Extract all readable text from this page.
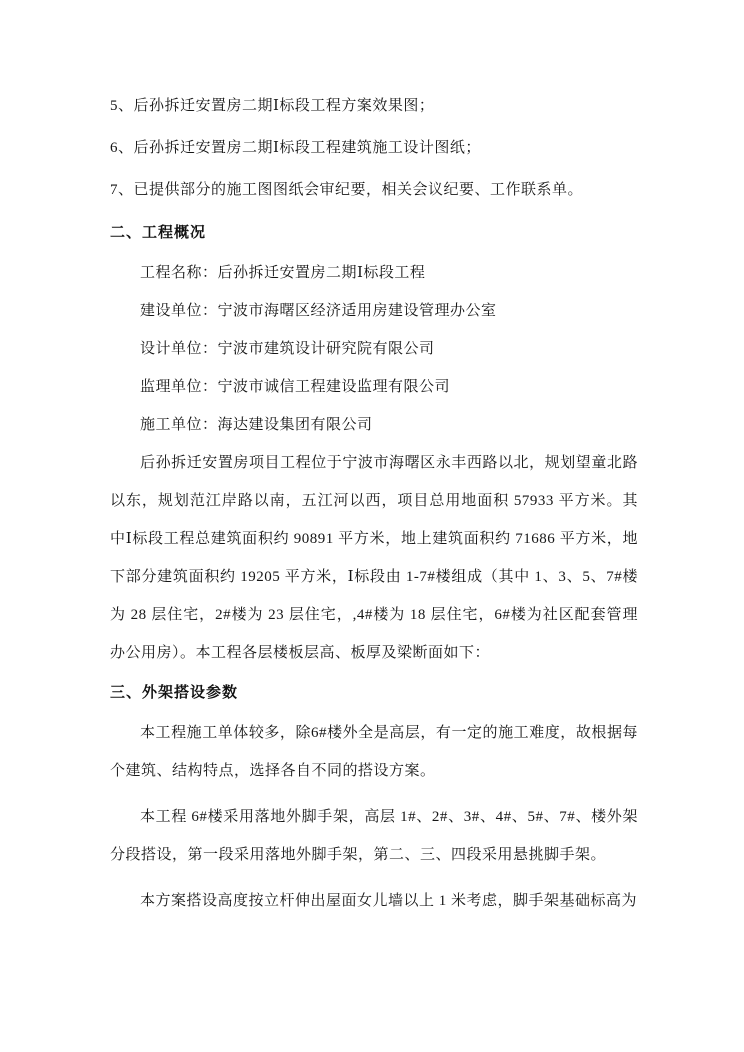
5、后孙拆迁安置房二期Ⅰ标段工程方案效果图；

6、后孙拆迁安置房二期Ⅰ标段工程建筑施工设计图纸；

7、已提供部分的施工图图纸会审纪要，相关会议纪要、工作联系单。

二、工程概况

工程名称：后孙拆迁安置房二期Ⅰ标段工程

建设单位：宁波市海曙区经济适用房建设管理办公室

设计单位：宁波市建筑设计研究院有限公司

监理单位：宁波市诚信工程建设监理有限公司

施工单位：海达建设集团有限公司

后孙拆迁安置房项目工程位于宁波市海曙区永丰西路以北，规划望童北路以东，规划范江岸路以南，五江河以西，项目总用地面积 57933 平方米。其中Ⅰ标段工程总建筑面积约 90891 平方米，地上建筑面积约 71686 平方米，地下部分建筑面积约 19205 平方米，Ⅰ标段由 1-7#楼组成（其中 1、3、5、7#楼为 28 层住宅，2#楼为 23 层住宅，,4#楼为 18 层住宅，6#楼为社区配套管理办公用房）。本工程各层楼板层高、板厚及梁断面如下：

三、外架搭设参数

本工程施工单体较多，除6#楼外全是高层，有一定的施工难度，故根据每个建筑、结构特点，选择各自不同的搭设方案。

本工程 6#楼采用落地外脚手架，高层 1#、2#、3#、4#、5#、7#、楼外架分段搭设，第一段采用落地外脚手架，第二、三、四段采用悬挑脚手架。

本方案搭设高度按立杆伸出屋面女儿墙以上 1 米考虑，脚手架基础标高为
